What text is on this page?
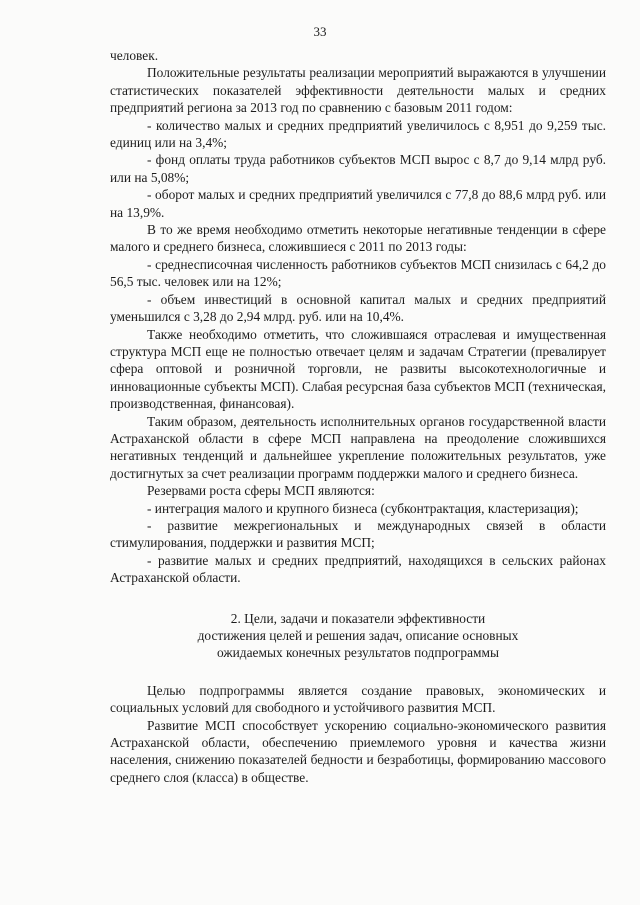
33

человек.

Положительные результаты реализации мероприятий выражаются в улучшении статистических показателей эффективности деятельности малых и средних предприятий региона за 2013 год по сравнению с базовым 2011 годом:

- количество малых и средних предприятий увеличилось с 8,951 до 9,259 тыс. единиц или на 3,4%;

- фонд оплаты труда работников субъектов МСП вырос с 8,7 до 9,14 млрд руб. или на 5,08%;

- оборот малых и средних предприятий увеличился с 77,8 до 88,6 млрд руб. или на 13,9%.

В то же время необходимо отметить некоторые негативные тенденции в сфере малого и среднего бизнеса, сложившиеся с 2011 по 2013 годы:

- среднесписочная численность работников субъектов МСП снизилась с 64,2 до 56,5 тыс. человек или на 12%;

- объем инвестиций в основной капитал малых и средних предприятий уменьшился с 3,28 до 2,94 млрд. руб. или на 10,4%.

Также необходимо отметить, что сложившаяся отраслевая и имущественная структура МСП еще не полностью отвечает целям и задачам Стратегии (превалирует сфера оптовой и розничной торговли, не развиты высокотехнологичные и инновационные субъекты МСП). Слабая ресурсная база субъектов МСП (техническая, производственная, финансовая).

Таким образом, деятельность исполнительных органов государственной власти Астраханской области в сфере МСП направлена на преодоление сложившихся негативных тенденций и дальнейшее укрепление положительных результатов, уже достигнутых за счет реализации программ поддержки малого и среднего бизнеса.

Резервами роста сферы МСП являются:

- интеграция малого и крупного бизнеса (субконтрактация, кластеризация);

- развитие межрегиональных и международных связей в области стимулирования, поддержки и развития МСП;

- развитие малых и средних предприятий, находящихся в сельских районах Астраханской области.

2. Цели, задачи и показатели эффективности
достижения целей и решения задач, описание основных
ожидаемых конечных результатов подпрограммы

Целью подпрограммы является создание правовых, экономических и социальных условий для свободного и устойчивого развития МСП.

Развитие МСП способствует ускорению социально-экономического развития Астраханской области, обеспечению приемлемого уровня и качества жизни населения, снижению показателей бедности и безработицы, формированию массового среднего слоя (класса) в обществе.
